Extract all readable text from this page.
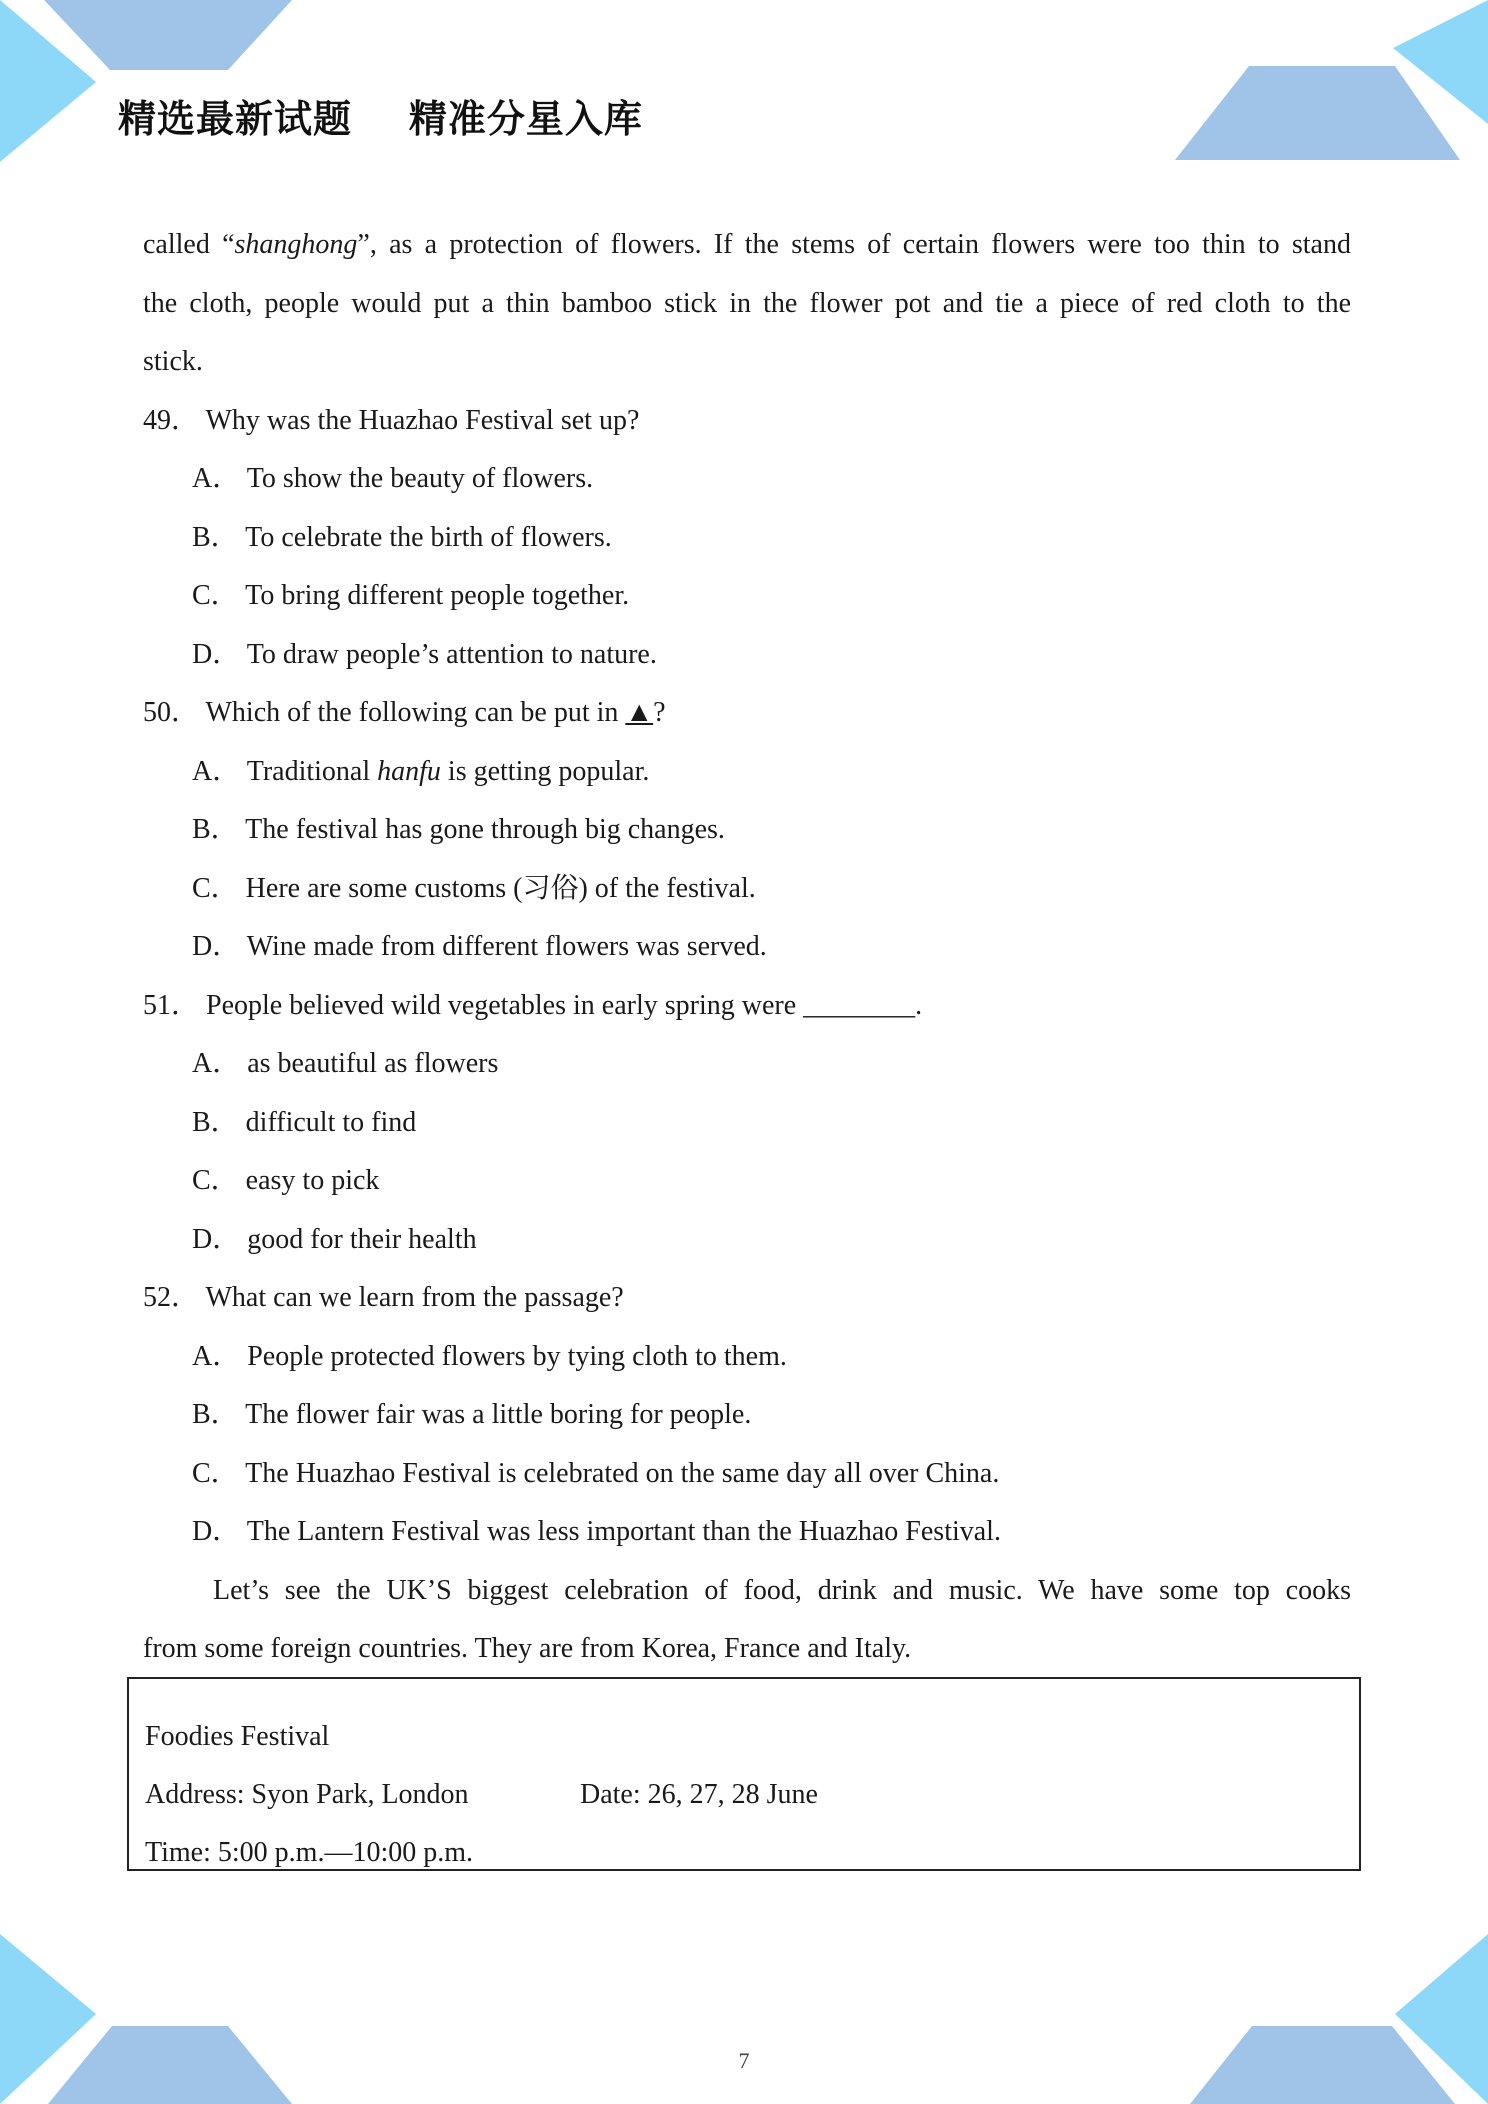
精选最新试题    精准分星入库
called “shanghong”, as a protection of flowers. If the stems of certain flowers were too thin to stand
the cloth, people would put a thin bamboo stick in the flower pot and tie a piece of red cloth to the
stick.
49． Why was the Huazhao Festival set up?
A． To show the beauty of flowers.
B． To celebrate the birth of flowers.
C． To bring different people together.
D． To draw people’s attention to nature.
50． Which of the following can be put in ▲?
A． Traditional hanfu is getting popular.
B． The festival has gone through big changes.
C． Here are some customs (习俗) of the festival.
D． Wine made from different flowers was served.
51． People believed wild vegetables in early spring were ________.
A． as beautiful as flowers
B． difficult to find
C． easy to pick
D． good for their health
52． What can we learn from the passage?
A． People protected flowers by tying cloth to them.
B． The flower fair was a little boring for people.
C． The Huazhao Festival is celebrated on the same day all over China.
D． The Lantern Festival was less important than the Huazhao Festival.
Let’s see the UK’S biggest celebration of food, drink and music. We have some top cooks
from some foreign countries. They are from Korea, France and Italy.
Foodies Festival
Address: Syon Park, London	Date: 26, 27, 28 June
Time: 5:00 p.m.—10:00 p.m.
7
